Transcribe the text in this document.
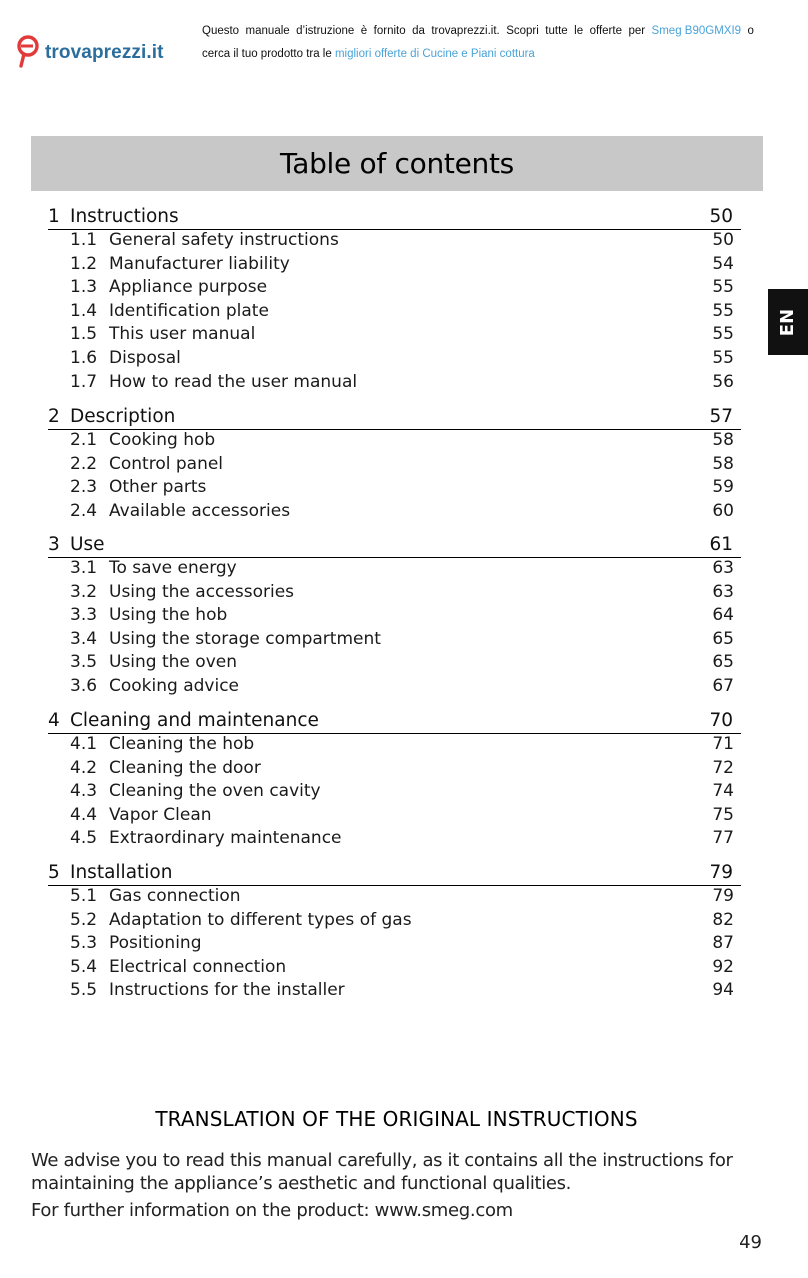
trovaprezzi.it
Questo manuale d’istruzione è fornito da trovaprezzi.it. Scopri tutte le offerte per Smeg B90GMXI9 o
cerca il tuo prodotto tra le migliori offerte di Cucine e Piani cottura
Table of contents
EN
1 Instructions	50
1.1 General safety instructions	50
1.2 Manufacturer liability	54
1.3 Appliance purpose	55
1.4 Identification plate	55
1.5 This user manual	55
1.6 Disposal	55
1.7 How to read the user manual	56
2 Description	57
2.1 Cooking hob	58
2.2 Control panel	58
2.3 Other parts	59
2.4 Available accessories	60
3 Use	61
3.1 To save energy	63
3.2 Using the accessories	63
3.3 Using the hob	64
3.4 Using the storage compartment	65
3.5 Using the oven	65
3.6 Cooking advice	67
4 Cleaning and maintenance	70
4.1 Cleaning the hob	71
4.2 Cleaning the door	72
4.3 Cleaning the oven cavity	74
4.4 Vapor Clean	75
4.5 Extraordinary maintenance	77
5 Installation	79
5.1 Gas connection	79
5.2 Adaptation to different types of gas	82
5.3 Positioning	87
5.4 Electrical connection	92
5.5 Instructions for the installer	94
TRANSLATION OF THE ORIGINAL INSTRUCTIONS
We advise you to read this manual carefully, as it contains all the instructions for maintaining the appliance’s aesthetic and functional qualities.
For further information on the product: www.smeg.com
49
